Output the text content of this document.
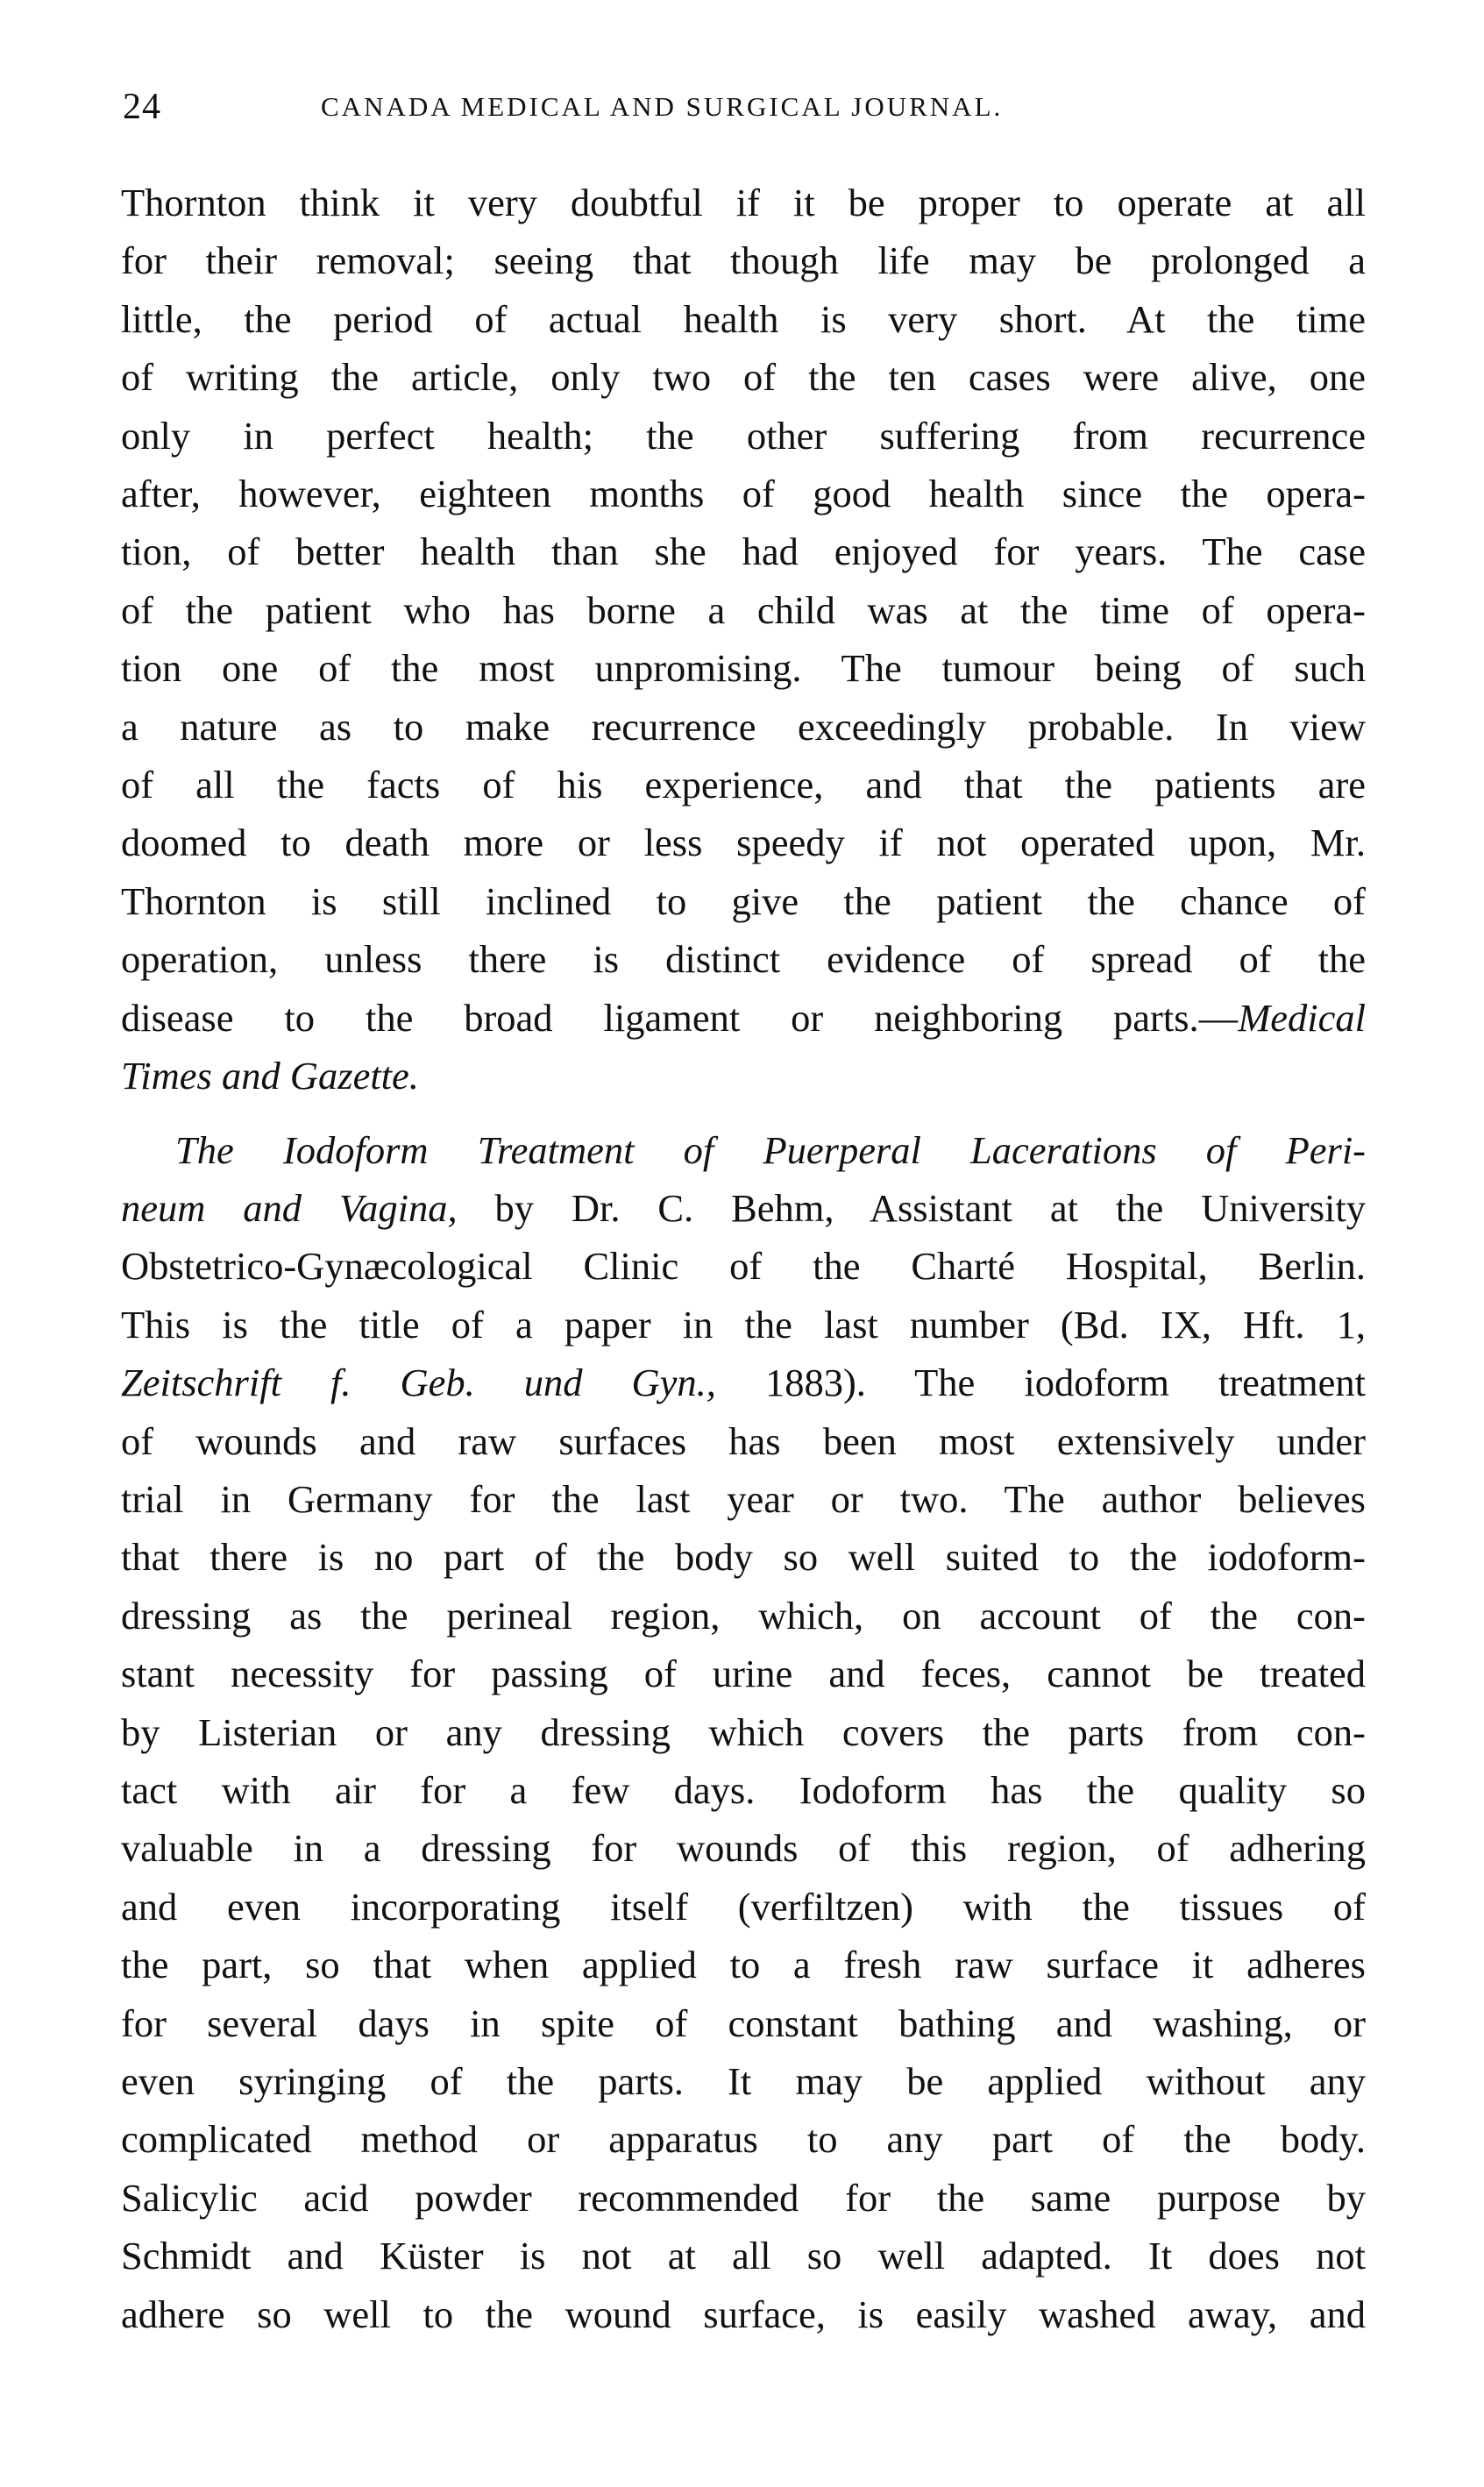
24	CANADA MEDICAL AND SURGICAL JOURNAL.

Thornton think it very doubtful if it be proper to operate at all
for their removal; seeing that though life may be prolonged a
little, the period of actual health is very short. At the time
of writing the article, only two of the ten cases were alive, one
only in perfect health; the other suffering from recurrence
after, however, eighteen months of good health since the opera-
tion, of better health than she had enjoyed for years. The case
of the patient who has borne a child was at the time of opera-
tion one of the most unpromising. The tumour being of such
a nature as to make recurrence exceedingly probable. In view
of all the facts of his experience, and that the patients are
doomed to death more or less speedy if not operated upon, Mr.
Thornton is still inclined to give the patient the chance of
operation, unless there is distinct evidence of spread of the
disease to the broad ligament or neighboring parts.—Medical
Times and Gazette.

The Iodoform Treatment of Puerperal Lacerations of Peri-
neum and Vagina, by Dr. C. Behm, Assistant at the University
Obstetrico-Gynæcological Clinic of the Charté Hospital, Berlin.
This is the title of a paper in the last number (Bd. IX, Hft. 1,
Zeitschrift f. Geb. und Gyn., 1883). The iodoform treatment
of wounds and raw surfaces has been most extensively under
trial in Germany for the last year or two. The author believes
that there is no part of the body so well suited to the iodoform-
dressing as the perineal region, which, on account of the con-
stant necessity for passing of urine and feces, cannot be treated
by Listerian or any dressing which covers the parts from con-
tact with air for a few days. Iodoform has the quality so
valuable in a dressing for wounds of this region, of adhering
and even incorporating itself (verfiltzen) with the tissues of
the part, so that when applied to a fresh raw surface it adheres
for several days in spite of constant bathing and washing, or
even syringing of the parts. It may be applied without any
complicated method or apparatus to any part of the body.
Salicylic acid powder recommended for the same purpose by
Schmidt and Küster is not at all so well adapted. It does not
adhere so well to the wound surface, is easily washed away, and
